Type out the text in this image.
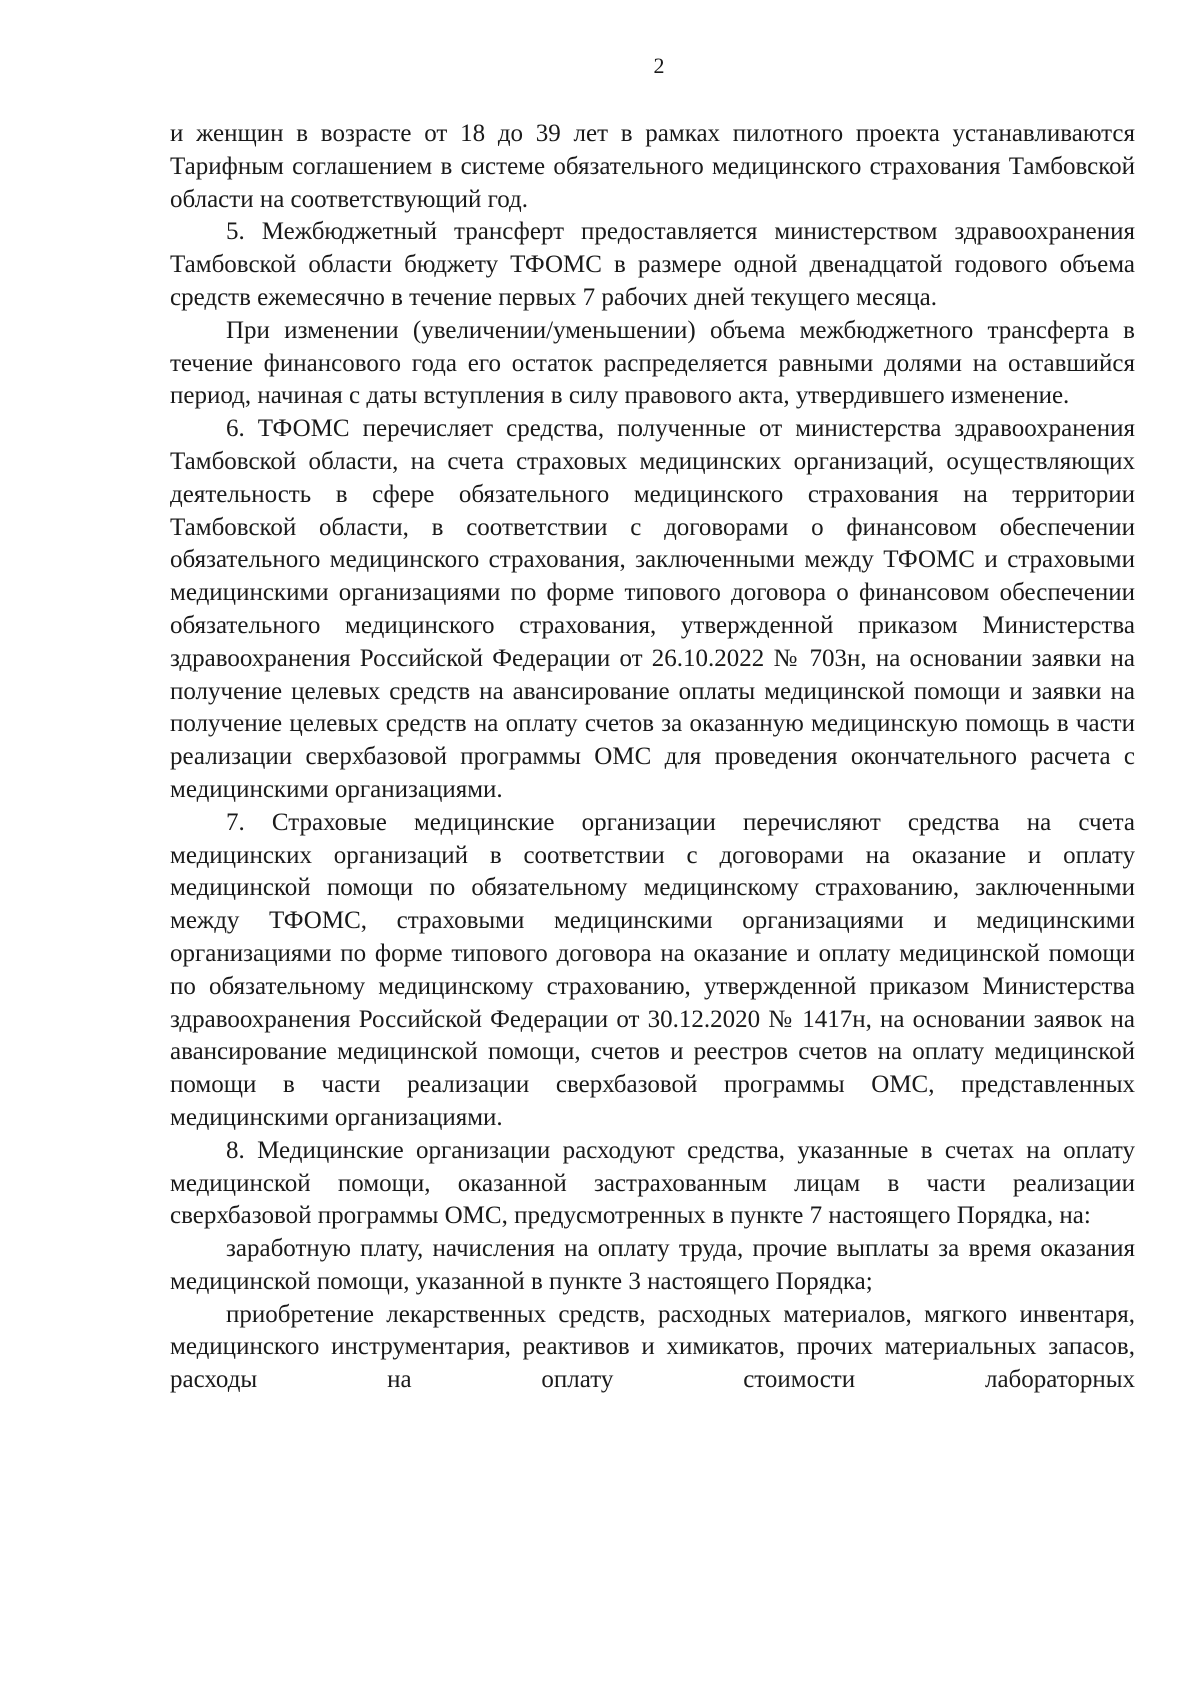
2

и женщин в возрасте от 18 до 39 лет в рамках пилотного проекта устанавливаются Тарифным соглашением в системе обязательного медицинского страхования Тамбовской области на соответствующий год.

5. Межбюджетный трансферт предоставляется министерством здравоохранения Тамбовской области бюджету ТФОМС в размере одной двенадцатой годового объема средств ежемесячно в течение первых 7 рабочих дней текущего месяца.

При изменении (увеличении/уменьшении) объема межбюджетного трансферта в течение финансового года его остаток распределяется равными долями на оставшийся период, начиная с даты вступления в силу правового акта, утвердившего изменение.

6. ТФОМС перечисляет средства, полученные от министерства здравоохранения Тамбовской области, на счета страховых медицинских организаций, осуществляющих деятельность в сфере обязательного медицинского страхования на территории Тамбовской области, в соответствии с договорами о финансовом обеспечении обязательного медицинского страхования, заключенными между ТФОМС и страховыми медицинскими организациями по форме типового договора о финансовом обеспечении обязательного медицинского страхования, утвержденной приказом Министерства здравоохранения Российской Федерации от 26.10.2022 № 703н, на основании заявки на получение целевых средств на авансирование оплаты медицинской помощи и заявки на получение целевых средств на оплату счетов за оказанную медицинскую помощь в части реализации сверхбазовой программы ОМС для проведения окончательного расчета с медицинскими организациями.

7. Страховые медицинские организации перечисляют средства на счета медицинских организаций в соответствии с договорами на оказание и оплату медицинской помощи по обязательному медицинскому страхованию, заключенными между ТФОМС, страховыми медицинскими организациями и медицинскими организациями по форме типового договора на оказание и оплату медицинской помощи по обязательному медицинскому страхованию, утвержденной приказом Министерства здравоохранения Российской Федерации от 30.12.2020 № 1417н, на основании заявок на авансирование медицинской помощи, счетов и реестров счетов на оплату медицинской помощи в части реализации сверхбазовой программы ОМС, представленных медицинскими организациями.

8. Медицинские организации расходуют средства, указанные в счетах на оплату медицинской помощи, оказанной застрахованным лицам в части реализации сверхбазовой программы ОМС, предусмотренных в пункте 7 настоящего Порядка, на:

заработную плату, начисления на оплату труда, прочие выплаты за время оказания медицинской помощи, указанной в пункте 3 настоящего Порядка;

приобретение лекарственных средств, расходных материалов, мягкого инвентаря, медицинского инструментария, реактивов и химикатов, прочих материальных запасов, расходы на оплату стоимости лабораторных
